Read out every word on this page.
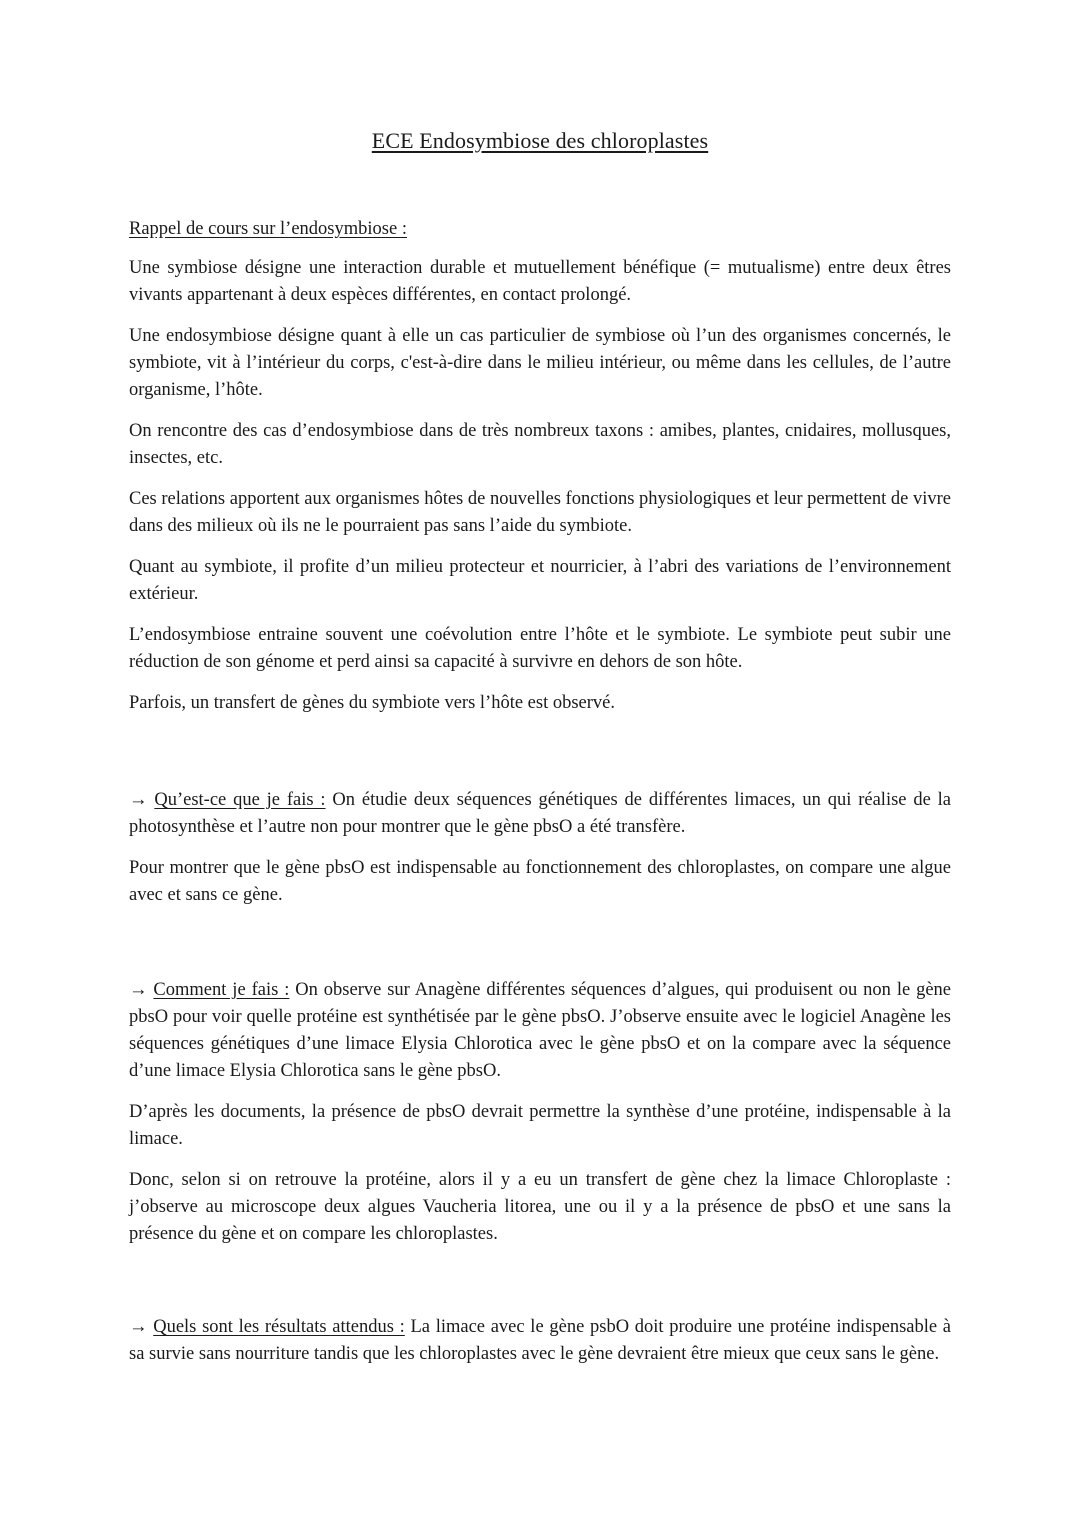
ECE Endosymbiose des chloroplastes
Rappel de cours sur l’endosymbiose :

Une symbiose désigne une interaction durable et mutuellement bénéfique (= mutualisme) entre deux êtres vivants appartenant à deux espèces différentes, en contact prolongé.

Une endosymbiose désigne quant à elle un cas particulier de symbiose où l’un des organismes concernés, le symbiote, vit à l’intérieur du corps, c'est-à-dire dans le milieu intérieur, ou même dans les cellules, de l’autre organisme, l’hôte.

On rencontre des cas d’endosymbiose dans de très nombreux taxons : amibes, plantes, cnidaires, mollusques, insectes, etc.

Ces relations apportent aux organismes hôtes de nouvelles fonctions physiologiques et leur permettent de vivre dans des milieux où ils ne le pourraient pas sans l’aide du symbiote.

Quant au symbiote, il profite d’un milieu protecteur et nourricier, à l’abri des variations de l’environnement extérieur.

L’endosymbiose entraine souvent une coévolution entre l’hôte et le symbiote. Le symbiote peut subir une réduction de son génome et perd ainsi sa capacité à survivre en dehors de son hôte.

Parfois, un transfert de gènes du symbiote vers l’hôte est observé.

→ Qu’est-ce que je fais : On étudie deux séquences génétiques de différentes limaces, un qui réalise de la photosynthèse et l’autre non pour montrer que le gène pbsO a été transfère.

Pour montrer que le gène pbsO est indispensable au fonctionnement des chloroplastes, on compare une algue avec et sans ce gène.

→ Comment je fais : On observe sur Anagène différentes séquences d’algues, qui produisent ou non le gène pbsO pour voir quelle protéine est synthétisée par le gène pbsO. J’observe ensuite avec le logiciel Anagène les séquences génétiques d’une limace Elysia Chlorotica avec le gène pbsO et on la compare avec la séquence d’une limace Elysia Chlorotica sans le gène pbsO.

D’après les documents, la présence de pbsO devrait permettre la synthèse d’une protéine, indispensable à la limace.

Donc, selon si on retrouve la protéine, alors il y a eu un transfert de gène chez la limace Chloroplaste : j’observe au microscope deux algues Vaucheria litorea, une ou il y a la présence de pbsO et une sans la présence du gène et on compare les chloroplastes.

→ Quels sont les résultats attendus : La limace avec le gène psbO doit produire une protéine indispensable à sa survie sans nourriture tandis que les chloroplastes avec le gène devraient être mieux que ceux sans le gène.
